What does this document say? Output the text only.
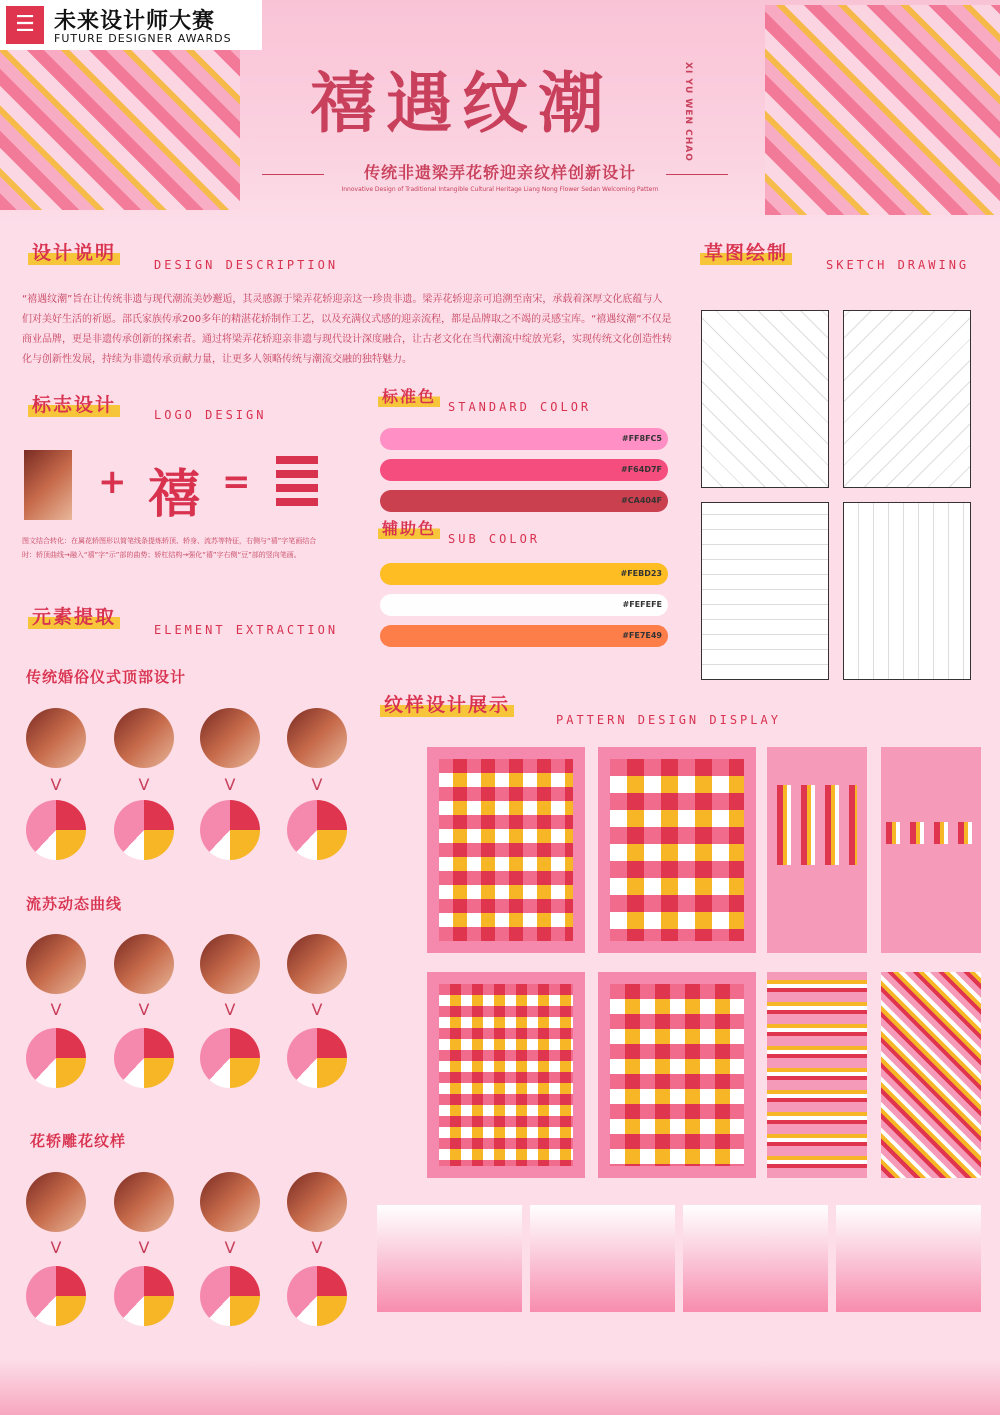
☰ 未来设计师大赛
FUTURE DESIGNER AWARDS
禧遇纹潮	XI YU WEN CHAO
传统非遗梁弄花轿迎亲纹样创新设计
Innovative Design of Traditional Intangible Cultural Heritage Liang Nong Flower Sedan Welcoming Pattern
设计说明
DESIGN DESCRIPTION
“禧遇纹潮”旨在让传统非遗与现代潮流美妙邂逅，其灵感源于梁弄花轿迎亲这一珍贵非遗。梁弄花轿迎亲可追溯至南宋，承载着深厚文化底蕴与人们对美好生活的祈愿。部氏家族传承200多年的精湛花轿制作工艺，以及充满仪式感的迎亲流程，都是品牌取之不竭的灵感宝库。“禧遇纹潮”不仅是商业品牌，更是非遗传承创新的探索者。通过将梁弄花轿迎亲非遗与现代设计深度融合，让古老文化在当代潮流中绽放光彩，实现传统文化创造性转化与创新性发展，持续为非遗传承贡献力量，让更多人领略传统与潮流交融的独特魅力。
标志设计	LOGO DESIGN
+ 禧 =
图文结合转化：在属花轿图形以简笔线条提炼轿顶、轿身、流苏等特征，右侧与“禧”字笔画结合时：轿顶曲线→融入“禧”字“示”部的曲势；轿杠结构→强化“禧”字右侧“豆”部的竖向笔画。
标准色
STANDARD COLOR
#FF8FC5
#F64D7F
#CA404F
辅助色
SUB COLOR
#FEBD23
#FEFEFE
#FE7E49
草图绘制
SKETCH DRAWING
元素提取
ELEMENT EXTRACTION
传统婚俗仪式顶部设计
V	V	V	V
流苏动态曲线
V	V	V	V
花轿雕花纹样
V	V	V	V
纹样设计展示
PATTERN DESIGN DISPLAY
